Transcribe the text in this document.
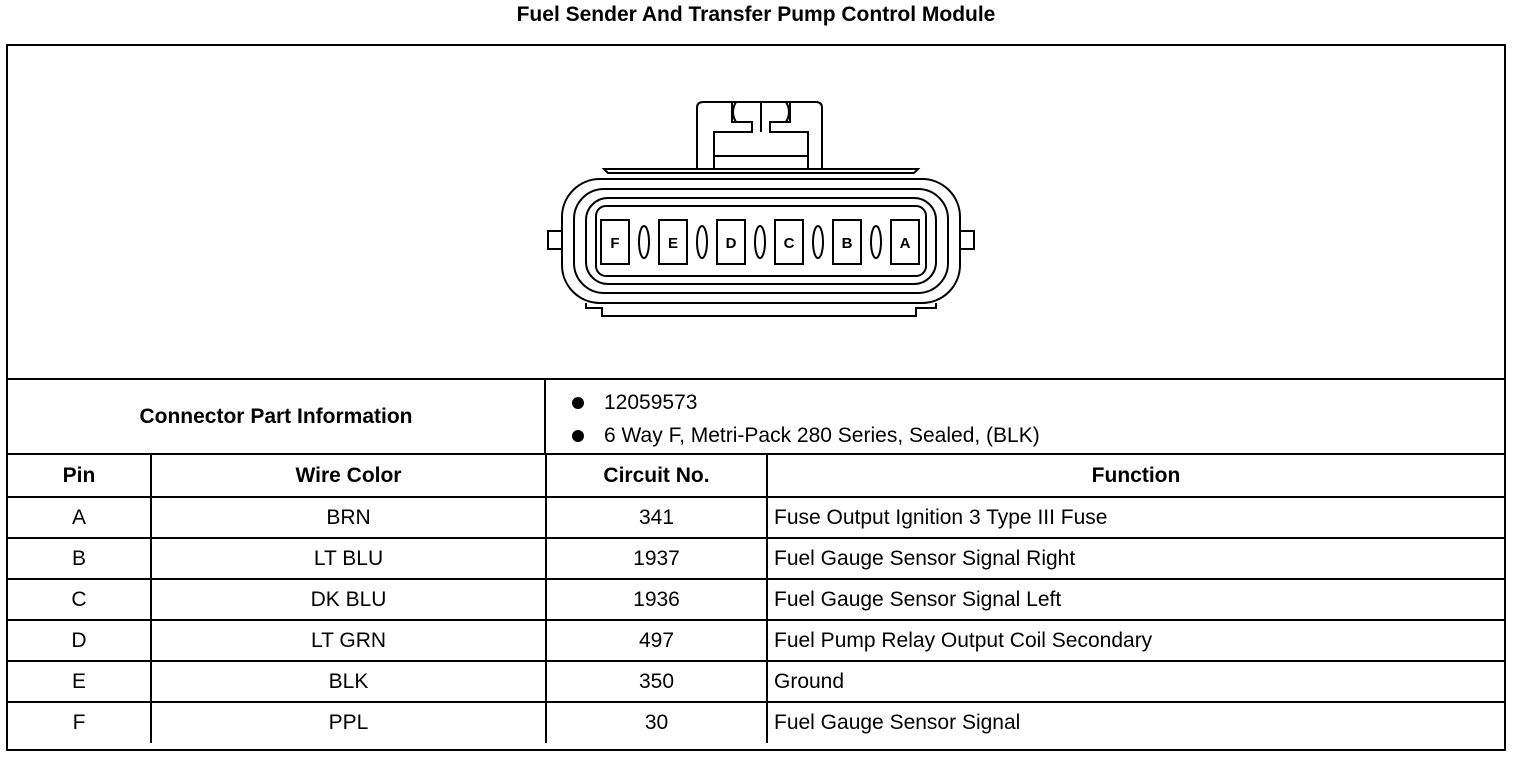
Fuel Sender And Transfer Pump Control Module
F	E	D	C	B	A
Connector Part Information
12059573
6 Way F, Metri-Pack 280 Series, Sealed, (BLK)
Pin	Wire Color	Circuit No.	Function
A	BRN	341	Fuse Output Ignition 3 Type III Fuse
B	LT BLU	1937	Fuel Gauge Sensor Signal Right
C	DK BLU	1936	Fuel Gauge Sensor Signal Left
D	LT GRN	497	Fuel Pump Relay Output Coil Secondary
E	BLK	350	Ground
F	PPL	30	Fuel Gauge Sensor Signal
